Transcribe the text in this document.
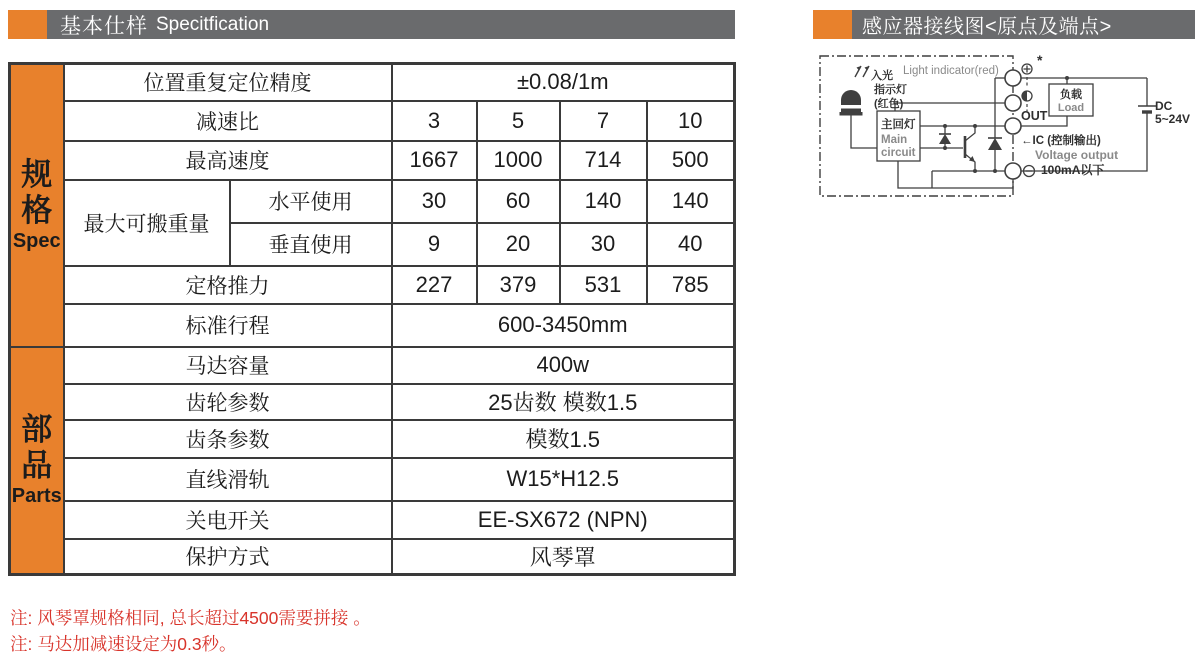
基本仕样 Specitfication	感应器接线图<原点及端点>
规格
Spec	位置重复定位精度		±0.08/1m			
	减速比		3	5	7	10
	最高速度		1667	1000	714	500
	最大可搬重量	水平使用	30	60	140	140
		垂直使用	9	20	30	40
	定格推力		227	379	531	785
	标准行程		600-3450mm			

部品
Parts	马达容量		400w			
	齿轮参数		25齿数 模数1.5			
	齿条参数		模数1.5			
	直线滑轨		W15*H12.5			
	关电开关		EE-SX672 (NPN)			
	保护方式		风琴罩			
注: 风琴罩规格相同, 总长超过4500需要拼接 。
注: 马达加减速设定为0.3秒。
入光
指示灯
(红色)
Light indicator(red)
主回灯
Main
circuit
*
OUT
←IC (控制输出)
Voltage output
100mA以下
负载
Load	DC
5~24V
